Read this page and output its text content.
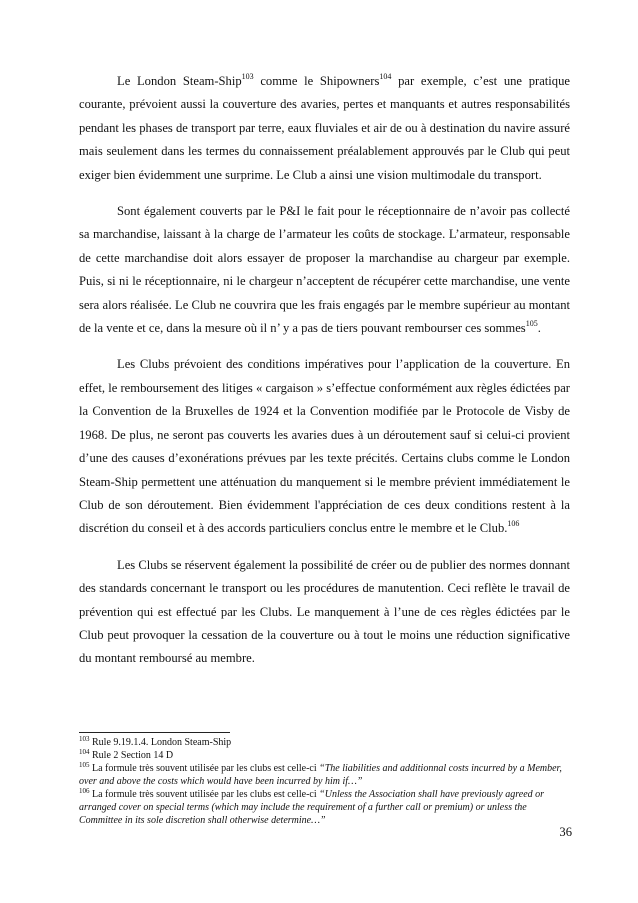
Le London Steam-Ship$^{103}$ comme le Shipowners$^{104}$ par exemple, c’est une pratique courante, prévoient aussi la couverture des avaries, pertes et manquants et autres responsabilités pendant les phases de transport par terre, eaux fluviales et air de ou à destination du navire assuré mais seulement dans les termes du connaissement préalablement approuvés par le Club qui peut exiger bien évidemment une surprime. Le Club a ainsi une vision multimodale du transport.

Sont également couverts par le P&I le fait pour le réceptionnaire de n’avoir pas collecté sa marchandise, laissant à la charge de l’armateur les coûts de stockage. L’armateur, responsable de cette marchandise doit alors essayer de proposer la marchandise au chargeur par exemple. Puis, si ni le réceptionnaire, ni le chargeur n’acceptent de récupérer cette marchandise, une vente sera alors réalisée. Le Club ne couvrira que les frais engagés par le membre supérieur au montant de la vente et ce, dans la mesure où il n’ y a pas de tiers pouvant rembourser ces sommes$^{105}$.

Les Clubs prévoient des conditions impératives pour l’application de la couverture. En effet, le remboursement des litiges « cargaison » s’effectue conformément aux règles édictées par la Convention de la Bruxelles de 1924 et la Convention modifiée par le Protocole de Visby de 1968. De plus, ne seront pas couverts les avaries dues à un déroutement sauf si celui-ci provient d’une des causes d’exonérations prévues par les texte précités. Certains clubs comme le London Steam-Ship permettent une atténuation du manquement si le membre prévient immédiatement le Club de son déroutement. Bien évidemment l'appréciation de ces deux conditions restent à la discrétion du conseil et à des accords particuliers conclus entre le membre et le Club.$^{106}$

Les Clubs se réservent également la possibilité de créer ou de publier des normes donnant des standards concernant le transport ou les procédures de manutention. Ceci reflète le travail de prévention qui est effectué par les Clubs. Le manquement à l’une de ces règles édictées par le Club peut provoquer la cessation de la couverture ou à tout le moins une réduction significative du montant remboursé au membre.

$^{103}$ Rule 9.19.1.4. London Steam-Ship

$^{104}$ Rule 2 Section 14 D

$^{105}$ La formule très souvent utilisée par les clubs est celle-ci “The liabilities and additionnal costs incurred by a Member, over and above the costs which would have been incurred by him if…”

$^{106}$ La formule très souvent utilisée par les clubs est celle-ci “Unless the Association shall have previously agreed or arranged cover on special terms (which may include the requirement of a further call or premium) or unless the Committee in its sole discretion shall otherwise determine…”

36
